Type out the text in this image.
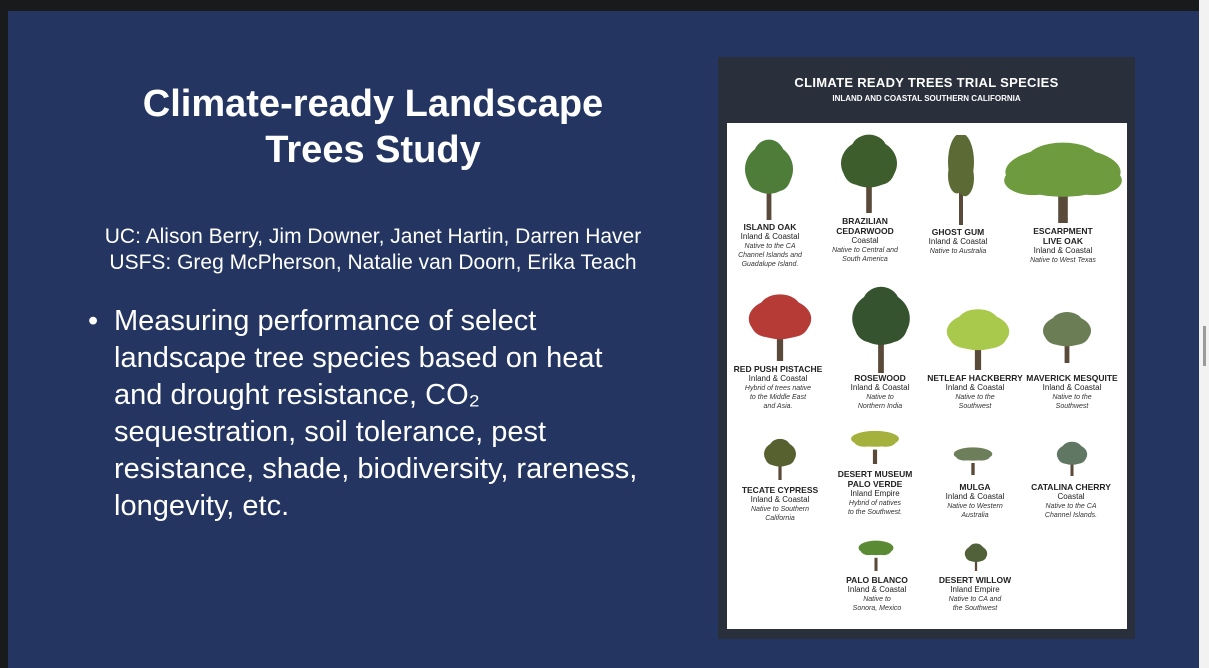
Climate-ready Landscape
Trees Study
UC: Alison Berry, Jim Downer, Janet Hartin, Darren Haver
USFS: Greg McPherson, Natalie van Doorn, Erika Teach
• Measuring performance of select landscape tree species based on heat and drought resistance, CO₂ sequestration, soil tolerance, pest resistance, shade, biodiversity, rareness, longevity, etc.
CLIMATE READY TREES TRIAL SPECIES
INLAND AND COASTAL SOUTHERN CALIFORNIA
ISLAND OAK
Inland & Coastal
Native to the CA
Channel Islands and
Guadalupe Island.
BRAZILIAN
CEDARWOOD
Coastal
Native to Central and
South America
GHOST GUM
Inland & Coastal
Native to Australia
ESCARPMENT
LIVE OAK
Inland & Coastal
Native to West Texas
RED PUSH PISTACHE
Inland & Coastal
Hybrid of trees native
to the Middle East
and Asia.
ROSEWOOD
Inland & Coastal
Native to
Northern India
NETLEAF HACKBERRY
Inland & Coastal
Native to the
Southwest
MAVERICK MESQUITE
Inland & Coastal
Native to the
Southwest
TECATE CYPRESS
Inland & Coastal
Native to Southern
California
DESERT MUSEUM
PALO VERDE
Inland Empire
Hybrid of natives
to the Southwest.
MULGA
Inland & Coastal
Native to Western
Australia
CATALINA CHERRY
Coastal
Native to the CA
Channel Islands.
PALO BLANCO
Inland & Coastal
Native to
Sonora, Mexico
DESERT WILLOW
Inland Empire
Native to CA and
the Southwest
